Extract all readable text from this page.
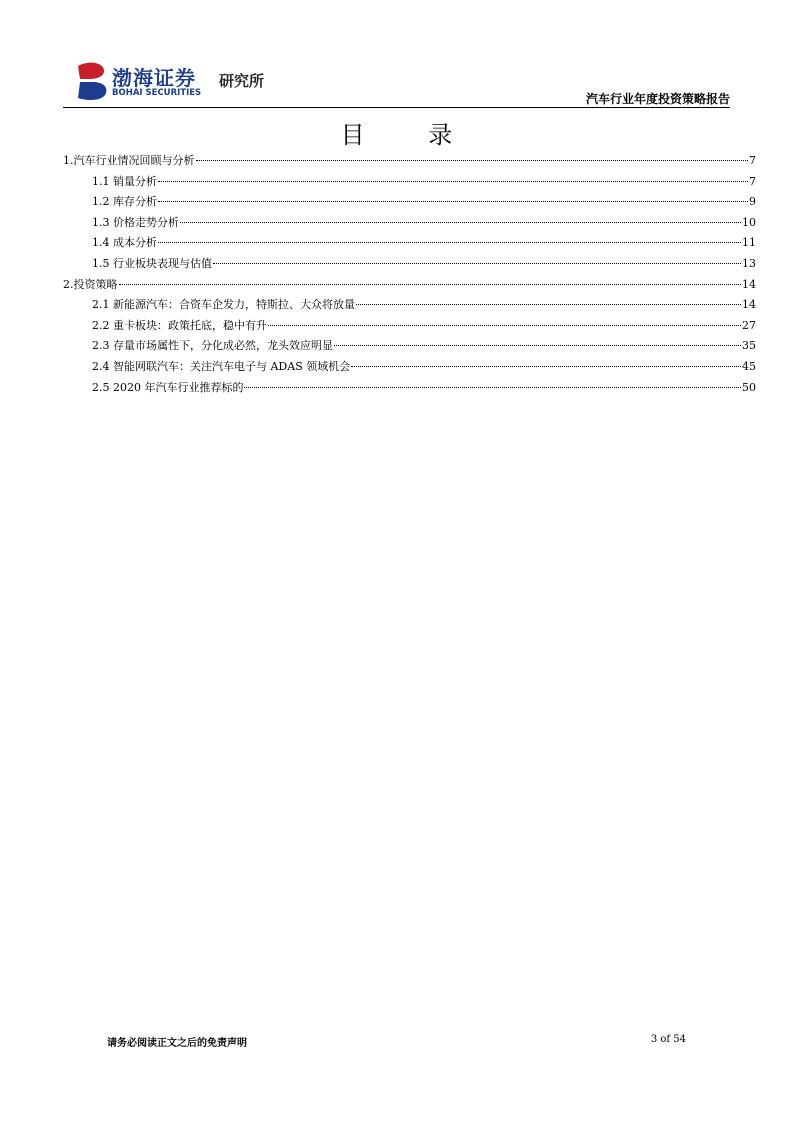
渤海证券
BOHAI SECURITIES
研究所
汽车行业年度投资策略报告
目 录
1.汽车行业情况回顾与分析	7
1.1 销量分析	7
1.2 库存分析	9
1.3 价格走势分析	10
1.4 成本分析	11
1.5 行业板块表现与估值	13
2.投资策略	14
2.1 新能源汽车：合资车企发力，特斯拉、大众将放量	14
2.2 重卡板块：政策托底，稳中有升	27
2.3 存量市场属性下，分化成必然，龙头效应明显	35
2.4 智能网联汽车：关注汽车电子与 ADAS 领域机会	45
2.5 2020 年汽车行业推荐标的	50
请务必阅读正文之后的免责声明	3 of 54
